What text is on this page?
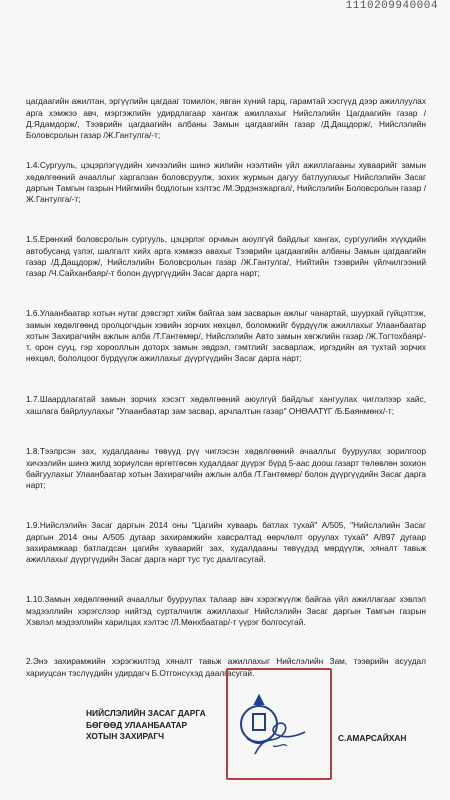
1110209940004

цагдаагийн ажилтан, эргүүлийн цагдааг томилон, явган хүний гарц, гарамтай хэсгүүд дээр ажиллуулах арга хэмжээ авч, мэргэжлийн удирдлагаар хангаж ажиллахыг Нийслэлийн Цагдаагийн газар /Д.Ядамдорж/, Тээврийн цагдаагийн албаны Замын цагдаагийн газар /Д.Дащдорж/, Нийслэлийн Боловсролын газар /Ж.Гантулга/-т;

1.4.Сургууль, цэцэрлэгүүдийн хичээлийн шинэ жилийн нээлтийн үйл ажиллагааны хуваарийг замын хөдөлгөөний ачааллыг харгалзан боловсруулж, зохих журмын дагуу батлуулахыг Нийслэлийн Засаг даргын Тамгын газрын Нийгмийн бодлогын хэлтэс /М.Эрдэнэжаргал/, Нийслэлийн Боловсролын газар /Ж.Гантулга/-т;

1.5.Ерөнхий боловсролын сургууль, цэцэрлэг орчмын аюулгүй байдлыг хангах, сургуулийн хүүхдийн автобусанд үзлэг, шалгалт хийх арга хэмжээ авахыг Тээврийн цагдаагийн албаны Замын цагдаагийн газар /Д.Дащдорж/, Нийслэлийн Боловсролын газар /Ж.Гантулга/, Нийтийн тээврийн үйлчилгээний газар /Ч.Сайханбаяр/-т болон дүүргүүдийн Засаг дарга нарт;

1.6.Улаанбаатар хотын нутаг дэвсгэрт хийж байгаа зам засварын ажлыг чанартай, шуурхай гүйцэтгэж, замын хөдөлгөөнд оролцогчдын хэвийн зорчих нөхцөл, боломжийг бүрдүүлж ажиллахыг Улаанбаатар хотын Захирагчийн ажлын алба /Т.Гантөмөр/, Нийслэлийн Авто замын хөгжлийн газар /Ж.Тогтохбаяр/-т, орон сууц, гэр хорооллын доторх замын эвдрэл, гэмтлийг засварлаж, иргэдийн ая тухтай зорчих нөхцөл, бололцоог бүрдүүлж ажиллахыг дүүргүүдийн Засаг дарга нарт;

1.7.Шаардлагатай замын зорчих хэсэгт хөдөлгөөний аюулгүй байдлыг хангуулах чиглэлээр хайс, хашлага байрлуулахыг "Улаанбаатар зам засвар, арчлалтын газар" ОНӨААТҮГ /Б.Баянмөнх/-т;

1.8.Тээлрсэн зах, худалдааны төвүүд рүү чиглэсэн хөдөлгөөний ачааллыг бууруулах зорилгоор хичээлийн шинэ жилд зориулсан өргөтгөсөн худалдааг дүүрэг бүрд 5-аас доош газарт төлөвлөн зохион байгуулахыг Улаанбаатар хотын Захирагчийн ажлын алба /Т.Гантөмөр/ болон дүүргүүдийн Засаг дарга нарт;

1.9.Нийслэлийн Засаг даргын 2014 оны "Цагийн хуваарь батлах тухай" А/505, "Нийслэлийн Засаг даргын 2014 оны А/505 дугаар захирамжийн хавсралтад өөрчлөлт оруулах тухай" А/897 дугаар захирамжаар батлагдсан цагийн хуваарийг зах, худалдааны төвүүдэд мөрдүүлж, хяналт тавьж ажиллахыг дүүргүүдийн Засаг дарга нарт тус тус даалгасугай.

1.10.Замын хөдөлгөөний ачааллыг бууруулах талаар авч хэрэгжүүлж байгаа үйл ажиллагааг хэвлэл мэдээллийн хэрэгслээр нийтэд сурталчилж ажиллахыг Нийслэлийн Засаг даргын Тамгын газрын Хэвлэл мэдээллийн харилцах хэлтэс /Л.Мөнхбаатар/-т үүрэг болгосугай.

2.Энэ захирамжийн хэрэгжилтэд хяналт тавьж ажиллахыг Нийслэлийн Зам, тээврийн асуудал хариуцсан тэслүүдийн удирдагч Б.Отгонсүхэд даалгасугай.

НИЙСЛЭЛИЙН ЗАСАГ ДАРГА
БӨГӨӨД УЛААНБААТАР
ХОТЫН ЗАХИРАГЧ	С.АМАРСАЙХАН
